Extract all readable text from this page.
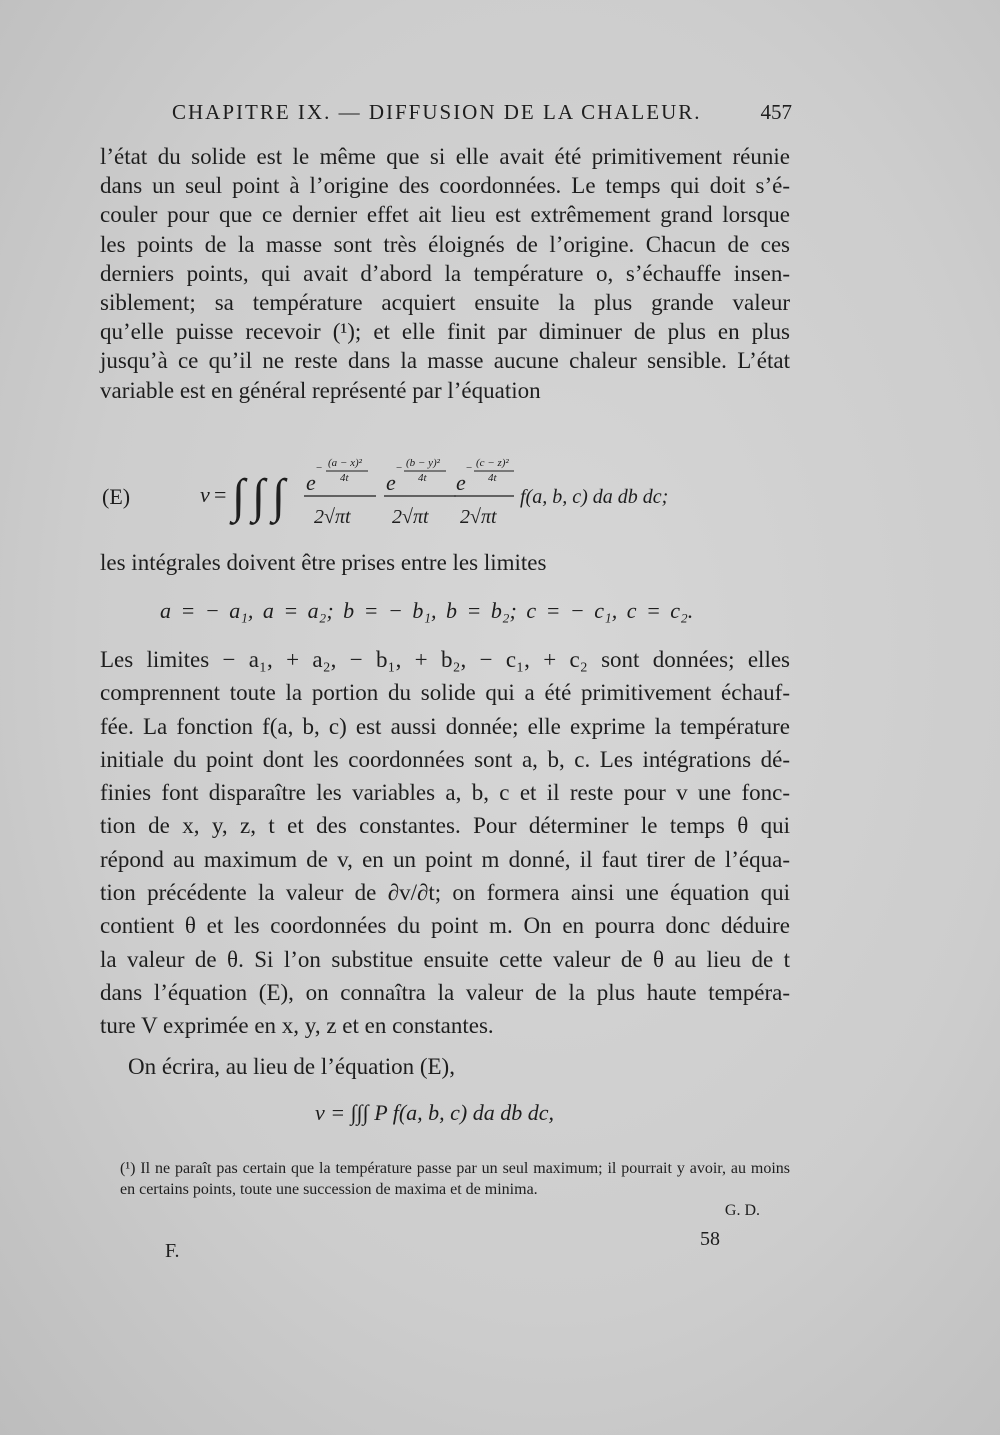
CHAPITRE IX. — DIFFUSION DE LA CHALEUR.	457
l’état du solide est le même que si elle avait été primitivement réunie
dans un seul point à l’origine des coordonnées. Le temps qui doit s’é-
couler pour que ce dernier effet ait lieu est extrêmement grand lorsque
les points de la masse sont très éloignés de l’origine. Chacun de ces
derniers points, qui avait d’abord la température o, s’échauffe insen-
siblement; sa température acquiert ensuite la plus grande valeur
qu’elle puisse recevoir (¹); et elle finit par diminuer de plus en plus
jusqu’à ce qu’il ne reste dans la masse aucune chaleur sensible. L’état
variable est en général représenté par l’équation
(E)	v = ∫ ∫ ∫ e
− (a − x)²
4t
2√πt
e
− (b − y)²
4t
2√πt
e
− (c − z)²
4t
2√πt
f(a, b, c) da db dc;
les intégrales doivent être prises entre les limites
a = − a₁, a = a₂; b = − b₁, b = b₂; c = − c₁, c = c₂.
Les limites − a₁, + a₂, − b₁, + b₂, − c₁, + c₂ sont données; elles
comprennent toute la portion du solide qui a été primitivement échauf-
fée. La fonction f(a, b, c) est aussi donnée; elle exprime la température
initiale du point dont les coordonnées sont a, b, c. Les intégrations dé-
finies font disparaître les variables a, b, c et il reste pour v une fonc-
tion de x, y, z, t et des constantes. Pour déterminer le temps θ qui
répond au maximum de v, en un point m donné, il faut tirer de l’équa-
tion précédente la valeur de ∂v/∂t; on formera ainsi une équation qui
contient θ et les coordonnées du point m. On en pourra donc déduire
la valeur de θ. Si l’on substitue ensuite cette valeur de θ au lieu de t
dans l’équation (E), on connaîtra la valeur de la plus haute tempéra-
ture V exprimée en x, y, z et en constantes.
On écrira, au lieu de l’équation (E),
v = ∫∫∫ P f(a, b, c) da db dc,
(¹) Il ne paraît pas certain que la température passe par un seul maximum; il pourrait y avoir, au moins en certains points, toute une succession de maxima et de minima.
G. D.
F.
58
